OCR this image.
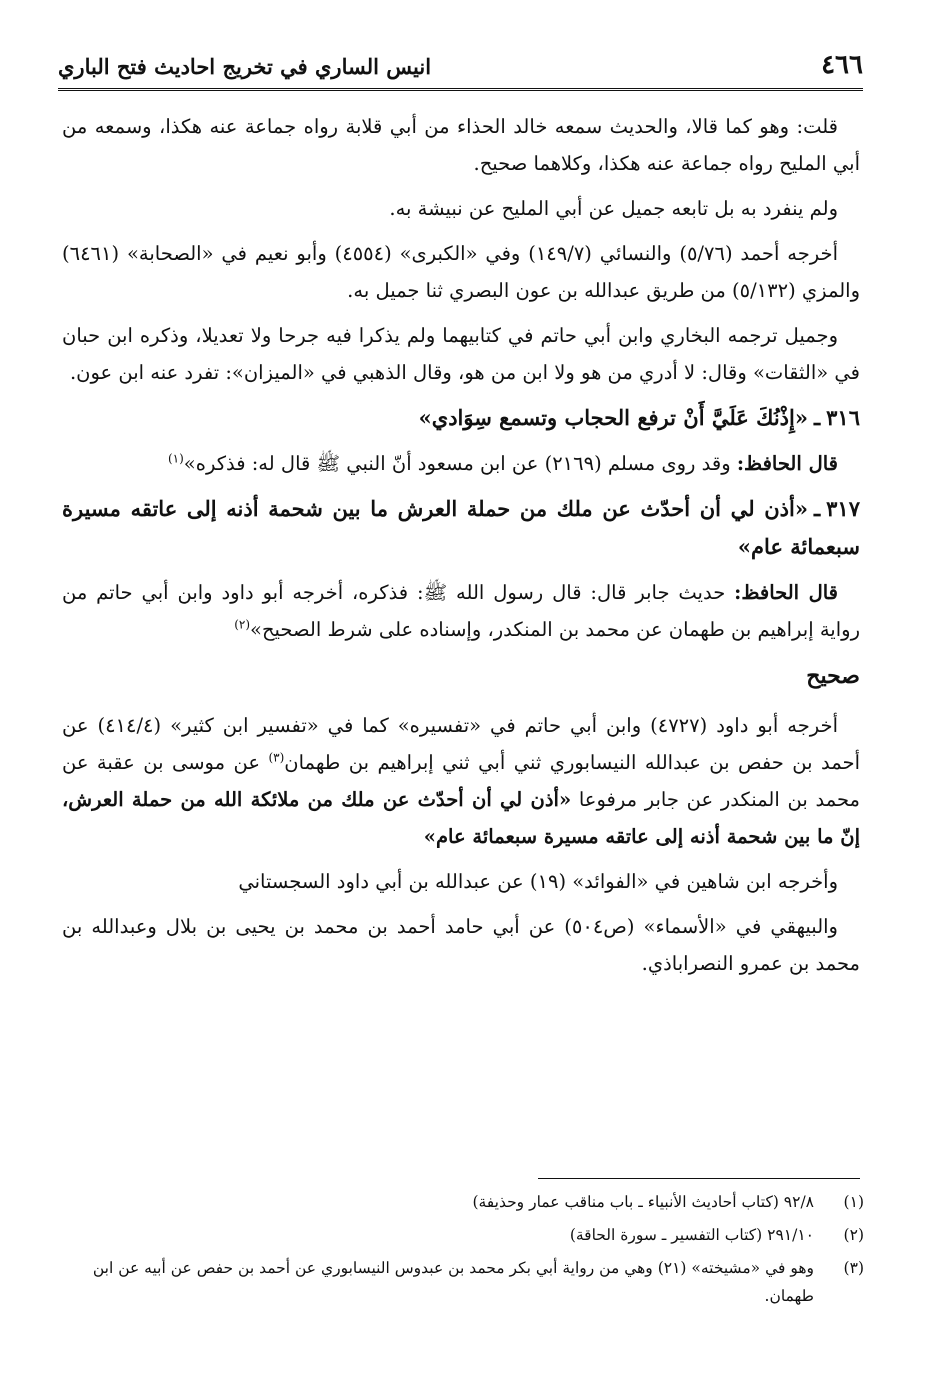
٤٦٦
انيس الساري في تخريج احاديث فتح الباري

قلت: وهو كما قالا، والحديث سمعه خالد الحذاء من أبي قلابة رواه جماعة عنه هكذا، وسمعه من أبي المليح رواه جماعة عنه هكذا، وكلاهما صحيح.

ولم ينفرد به بل تابعه جميل عن أبي المليح عن نبيشة به.

أخرجه أحمد (٥/٧٦) والنسائي (١٤٩/٧) وفي «الكبرى» (٤٥٥٤) وأبو نعيم في «الصحابة» (٦٤٦١) والمزي (٥/١٣٢) من طريق عبدالله بن عون البصري ثنا جميل به.

وجميل ترجمه البخاري وابن أبي حاتم في كتابيهما ولم يذكرا فيه جرحا ولا تعديلا، وذكره ابن حبان في «الثقات» وقال: لا أدري من هو ولا ابن من هو، وقال الذهبي في «الميزان»: تفرد عنه ابن عون.

٣١٦ـ«إِذْنُكَ عَلَيَّ أَنْ ترفع الحجاب وتسمع سِوَادي»

قال الحافظ: وقد روى مسلم (٢١٦٩) عن ابن مسعود أنّ النبي ﷺ قال له: فذكره»$^{(١)}$

٣١٧ـ«أذن لي أن أحدّث عن ملك من حملة العرش ما بين شحمة أذنه إلى عاتقه مسيرة سبعمائة عام»

قال الحافظ: حديث جابر قال: قال رسول الله ﷺ: فذكره، أخرجه أبو داود وابن أبي حاتم من رواية إبراهيم بن طهمان عن محمد بن المنكدر، وإسناده على شرط الصحيح»$^{(٢)}$

صحيح

أخرجه أبو داود (٤٧٢٧) وابن أبي حاتم في «تفسيره» كما في «تفسير ابن كثير» (٤١٤/٤) عن أحمد بن حفص بن عبدالله النيسابوري ثني أبي ثني إبراهيم بن طهمان$^{(٣)}$ عن موسى بن عقبة عن محمد بن المنكدر عن جابر مرفوعا «أذن لي أن أحدّث عن ملك من ملائكة الله من حملة العرش، إنّ ما بين شحمة أذنه إلى عاتقه مسيرة سبعمائة عام»

وأخرجه ابن شاهين في «الفوائد» (١٩) عن عبدالله بن أبي داود السجستاني

والبيهقي في «الأسماء» (ص٥٠٤) عن أبي حامد أحمد بن محمد بن يحيى بن بلال وعبدالله بن محمد بن عمرو النصراباذي.

(١)
٩٢/٨ (كتاب أحاديث الأنبياء ـ باب مناقب عمار وحذيفة)
(٢)
٢٩١/١٠ (كتاب التفسير ـ سورة الحاقة)
(٣)
وهو في «مشيخته» (٢١) وهي من رواية أبي بكر محمد بن عبدوس النيسابوري عن أحمد بن حفص عن أبيه عن ابن طهمان.
